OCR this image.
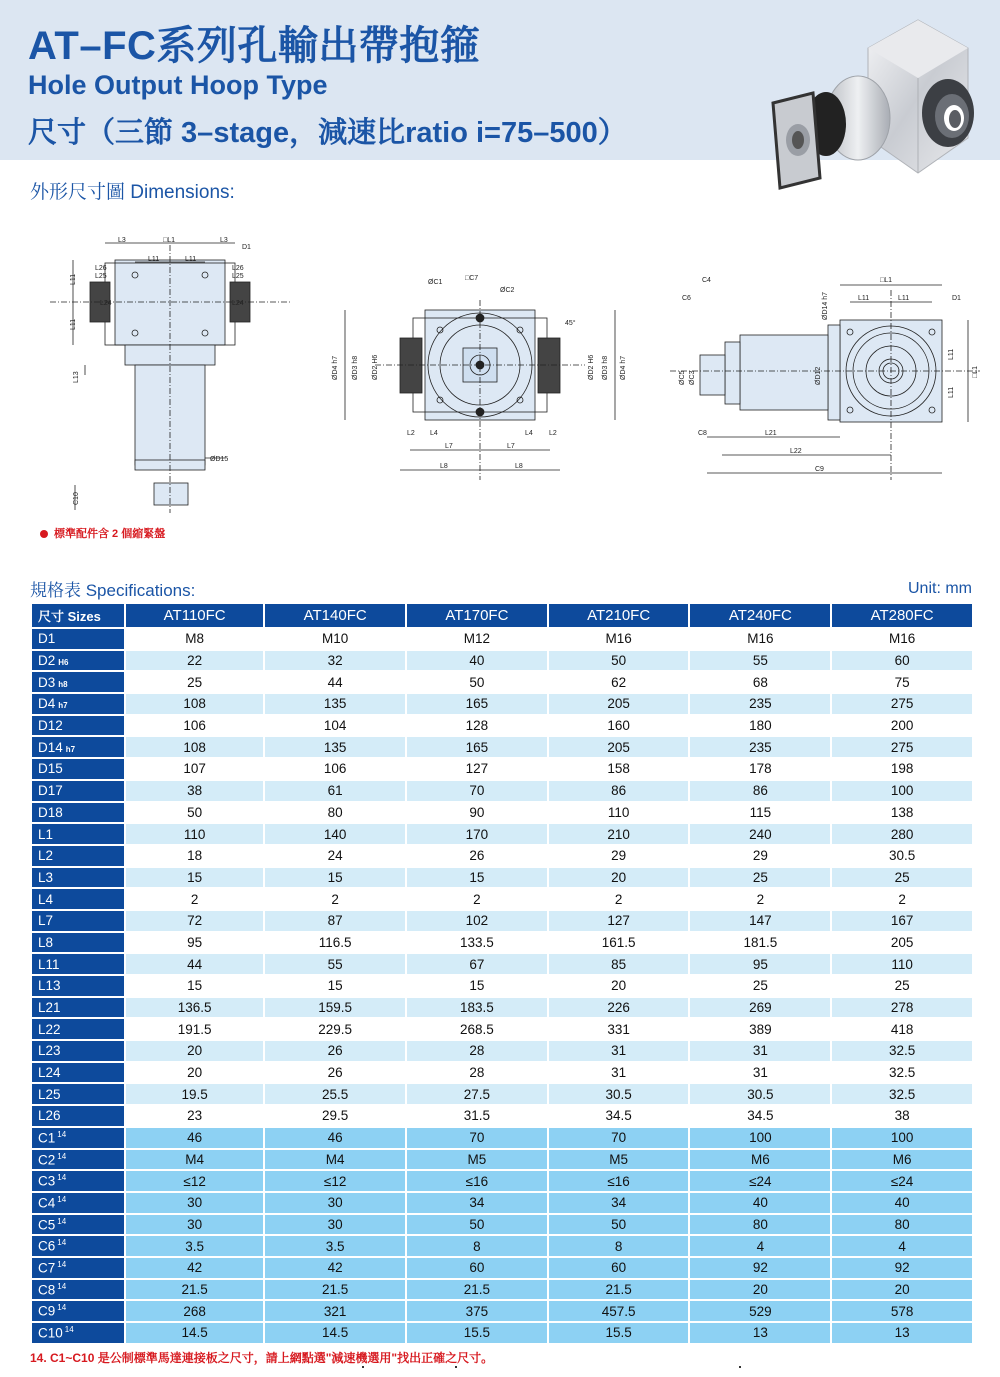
AT–FC系列孔輸出帶抱箍
Hole Output Hoop Type
尺寸（三節 3–stage，減速比ratio i=75–500）
外形尺寸圖 Dimensions:
L3	□L1	L3
D1
L11	L11
L26	L26
L25	L25
L24	L24
L11
L11
ØD15
L13
C10
標準配件含 2 個縮緊盤
ØC1
□C7
ØC2
45°
ØD4 h7 ØD3 h8 ØD2 H6	ØD2 H6 ØD3 h8 ØD4 h7
L2 L4	L4 L2
L7	L7
L8	L8
C4
C6	ØD14 h7
□L1
L11	L11	D1
ØC5 ØC3	ØD12
L11
L11
□L1
C8	L21
L22
C9
規格表 Specifications:	Unit: mm
尺寸 Sizes	AT110FC	AT140FC	AT170FC	AT210FC	AT240FC	AT280FC
D1	M8	M10	M12	M16	M16	M16
D2 H6	22	32	40	50	55	60
D3 h8	25	44	50	62	68	75
D4 h7	108	135	165	205	235	275
D12	106	104	128	160	180	200
D14 h7	108	135	165	205	235	275
D15	107	106	127	158	178	198
D17	38	61	70	86	86	100
D18	50	80	90	110	115	138
L1	110	140	170	210	240	280
L2	18	24	26	29	29	30.5
L3	15	15	15	20	25	25
L4	2	2	2	2	2	2
L7	72	87	102	127	147	167
L8	95	116.5	133.5	161.5	181.5	205
L11	44	55	67	85	95	110
L13	15	15	15	20	25	25
L21	136.5	159.5	183.5	226	269	278
L22	191.5	229.5	268.5	331	389	418
L23	20	26	28	31	31	32.5
L24	20	26	28	31	31	32.5
L25	19.5	25.5	27.5	30.5	30.5	32.5
L26	23	29.5	31.5	34.5	34.5	38
C1 $^{14}$	46	46	70	70	100	100
C2 $^{14}$	M4	M4	M5	M5	M6	M6
C3 $^{14}$	≤12	≤12	≤16	≤16	≤24	≤24
C4 $^{14}$	30	30	34	34	40	40
C5 $^{14}$	30	30	50	50	80	80
C6 $^{14}$	3.5	3.5	8	8	4	4
C7 $^{14}$	42	42	60	60	92	92
C8 $^{14}$	21.5	21.5	21.5	21.5	20	20
C9 $^{14}$	268	321	375	457.5	529	578
C10 $^{14}$	14.5	14.5	15.5	15.5	13	13
14. C1~C10 是公制標準馬達連接板之尺寸，請上網點選"減速機選用"找出正確之尺寸。
